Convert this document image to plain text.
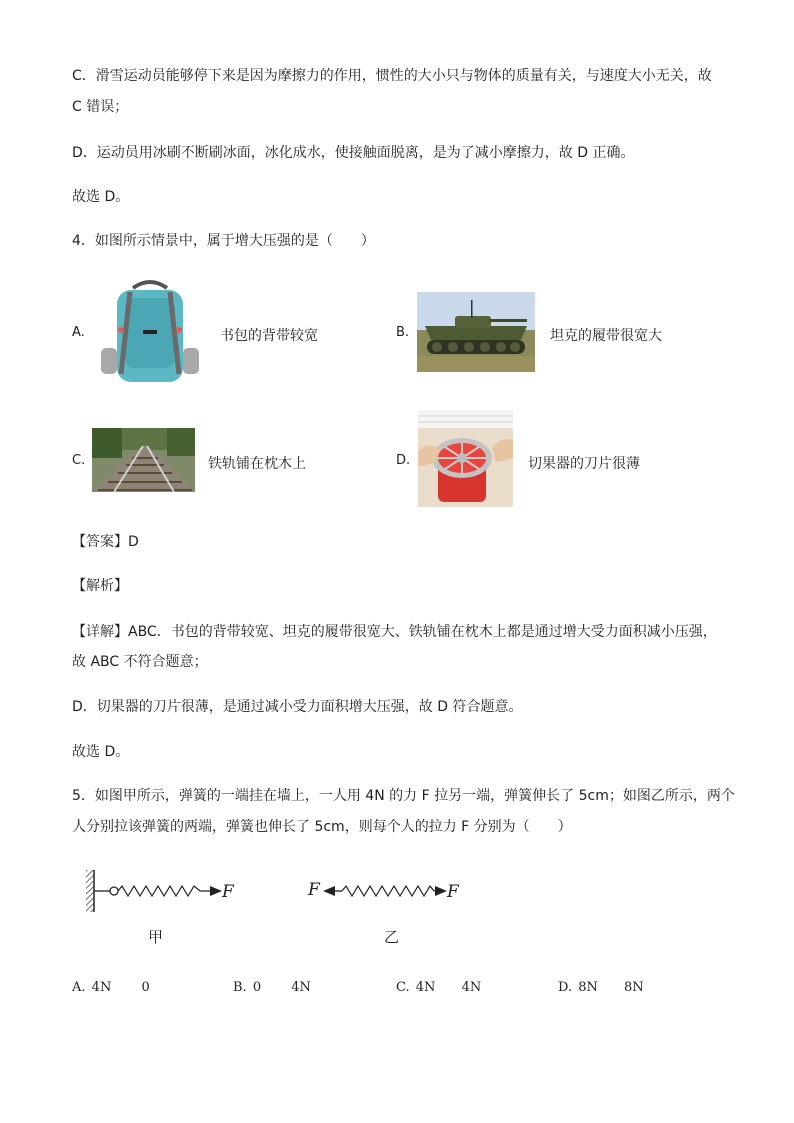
C．滑雪运动员能够停下来是因为摩擦力的作用，惯性的大小只与物体的质量有关，与速度大小无关，故
C 错误；
D．运动员用冰刷不断刷冰面，冰化成水，使接触面脱离，是为了减小摩擦力，故 D 正确。
故选 D。
4．如图所示情景中，属于增大压强的是（　　）
A.	书包的背带较宽	B.	坦克的履带很宽大
C.	铁轨铺在枕木上	D.	切果器的刀片很薄
【答案】D
【解析】
【详解】ABC．书包的背带较宽、坦克的履带很宽大、铁轨铺在枕木上都是通过增大受力面积减小压强，
故 ABC 不符合题意；
D．切果器的刀片很薄，是通过减小受力面积增大压强，故 D 符合题意。
故选 D。
5．如图甲所示，弹簧的一端挂在墙上，一人用 4N 的力 F 拉另一端，弹簧伸长了 5cm；如图乙所示，两个
人分别拉该弹簧的两端，弹簧也伸长了 5cm，则每个人的拉力 F 分别为（　　）
F	F	F
甲	乙
A. 4N 0	B. 0 4N	C. 4N 4N	D. 8N 8N
